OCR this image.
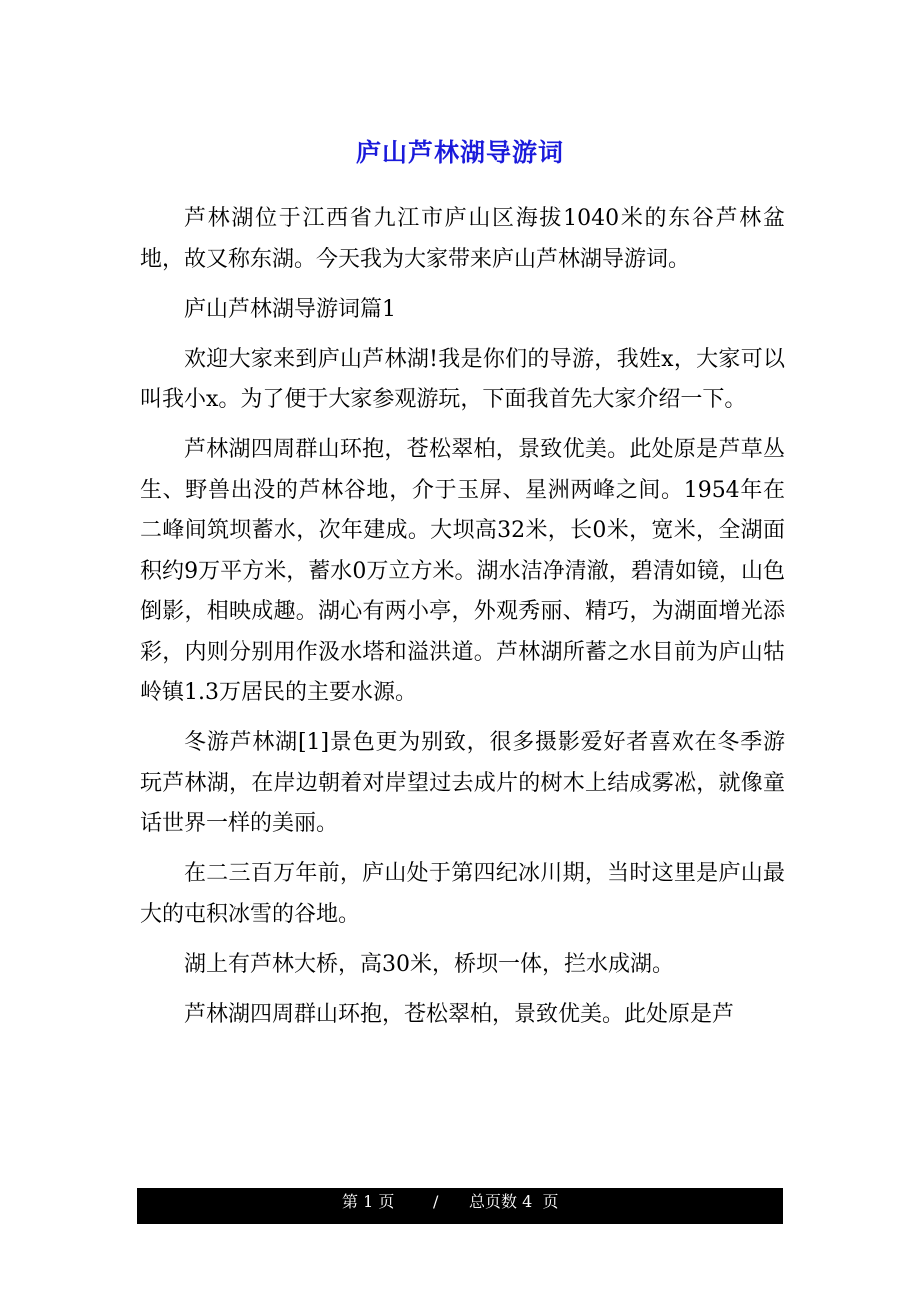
庐山芦林湖导游词

芦林湖位于江西省九江市庐山区海拔1040米的东谷芦林盆地，故又称东湖。今天我为大家带来庐山芦林湖导游词。

庐山芦林湖导游词篇1

欢迎大家来到庐山芦林湖!我是你们的导游，我姓x，大家可以叫我小x。为了便于大家参观游玩，下面我首先大家介绍一下。

芦林湖四周群山环抱，苍松翠柏，景致优美。此处原是芦草丛生、野兽出没的芦林谷地，介于玉屏、星洲两峰之间。1954年在二峰间筑坝蓄水，次年建成。大坝高32米，长0米，宽米，全湖面积约9万平方米，蓄水0万立方米。湖水洁净清澈，碧清如镜，山色倒影，相映成趣。湖心有两小亭，外观秀丽、精巧，为湖面增光添彩，内则分别用作汲水塔和溢洪道。芦林湖所蓄之水目前为庐山牯岭镇1.3万居民的主要水源。

冬游芦林湖[1]景色更为别致，很多摄影爱好者喜欢在冬季游玩芦林湖，在岸边朝着对岸望过去成片的树木上结成雾凇，就像童话世界一样的美丽。

在二三百万年前，庐山处于第四纪冰川期，当时这里是庐山最大的屯积冰雪的谷地。

湖上有芦林大桥，高30米，桥坝一体，拦水成湖。

芦林湖四周群山环抱，苍松翠柏，景致优美。此处原是芦

第 1 页 / 总页数 4  页
